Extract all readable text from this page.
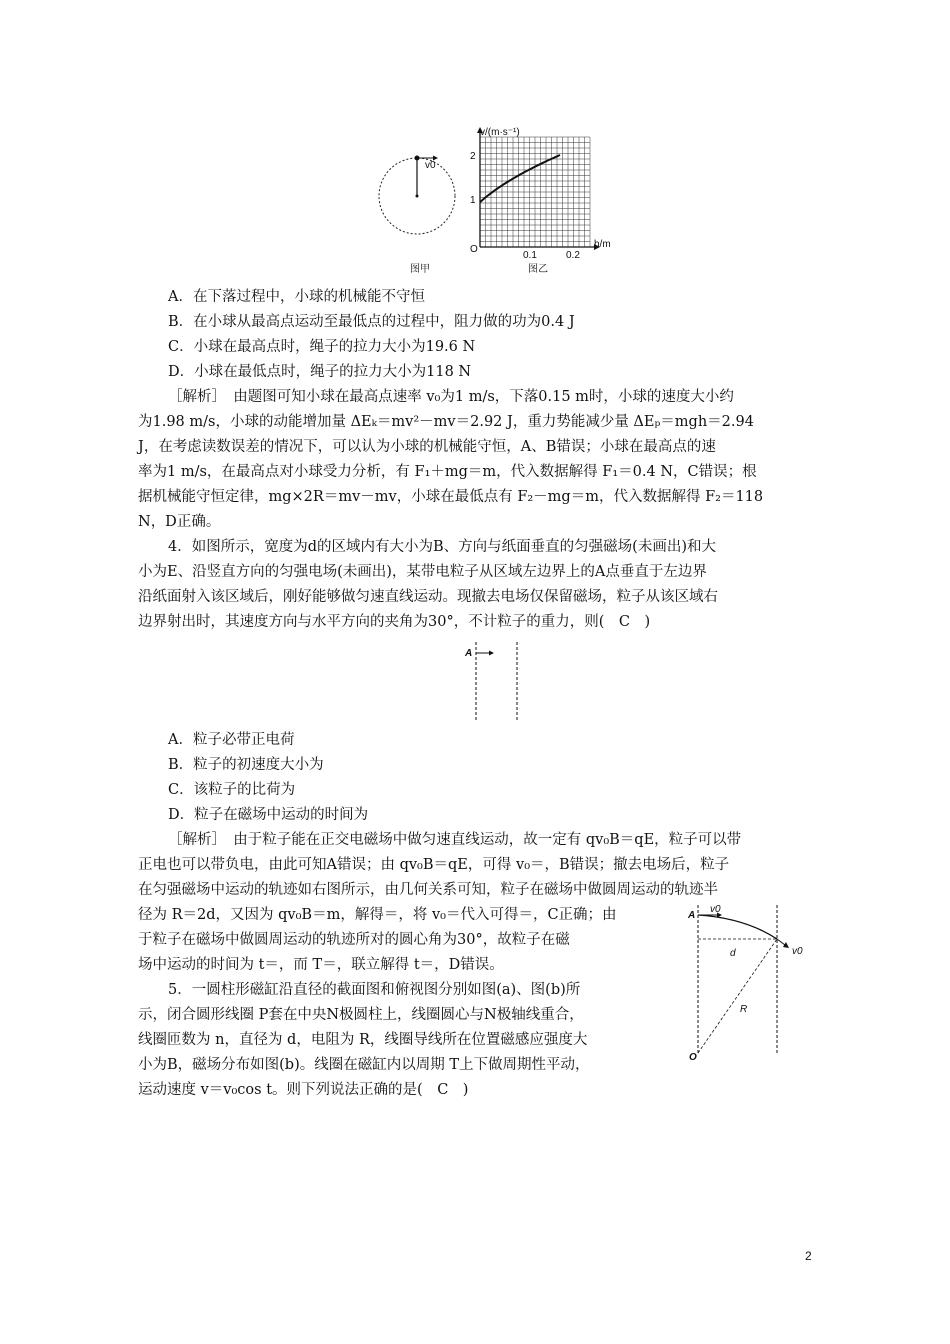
v0
图甲
v/(m·s⁻¹)
h/m
2
1
O
0.1	0.2
图乙
A．在下落过程中，小球的机械能不守恒
B．在小球从最高点运动至最低点的过程中，阻力做的功为0.4 J
C．小球在最高点时，绳子的拉力大小为19.6 N
D．小球在最低点时，绳子的拉力大小为118 N
［解析］　由题图可知小球在最高点速率 v₀为1 m/s，下落0.15 m时，小球的速度大小约
为1.98 m/s，小球的动能增加量 ΔEₖ＝mv²－mv＝2.92 J，重力势能减少量 ΔEₚ＝mgh＝2.94
J，在考虑读数误差的情况下，可以认为小球的机械能守恒，A、B错误；小球在最高点的速
率为1 m/s，在最高点对小球受力分析，有 F₁＋mg＝m，代入数据解得 F₁＝0.4 N，C错误；根
据机械能守恒定律，mg×2R＝mv－mv，小球在最低点有 F₂－mg＝m，代入数据解得 F₂＝118
N，D正确。
4．如图所示，宽度为d的区域内有大小为B、方向与纸面垂直的匀强磁场(未画出)和大
小为E、沿竖直方向的匀强电场(未画出)，某带电粒子从区域左边界上的A点垂直于左边界
沿纸面射入该区域后，刚好能够做匀速直线运动。现撤去电场仅保留磁场，粒子从该区域右
边界射出时，其速度方向与水平方向的夹角为30°，不计粒子的重力，则(　C　)
A
A．粒子必带正电荷
B．粒子的初速度大小为
C．该粒子的比荷为
D．粒子在磁场中运动的时间为
［解析］　由于粒子能在正交电磁场中做匀速直线运动，故一定有 qv₀B＝qE，粒子可以带
正电也可以带负电，由此可知A错误；由 qv₀B＝qE，可得 v₀＝，B错误；撤去电场后，粒子
在匀强磁场中运动的轨迹如右图所示，由几何关系可知，粒子在磁场中做圆周运动的轨迹半
径为 R＝2d，又因为 qv₀B＝m，解得＝，将 v₀＝代入可得＝，C正确；由
于粒子在磁场中做圆周运动的轨迹所对的圆心角为30°，故粒子在磁
场中运动的时间为 t＝，而 T＝，联立解得 t＝，D错误。
A
v0
v0
d
R
O
5．一圆柱形磁缸沿直径的截面图和俯视图分别如图(a)、图(b)所
示，闭合圆形线圈 P套在中央N极圆柱上，线圈圆心与N极轴线重合，
线圈匝数为 n，直径为 d，电阻为 R，线圈导线所在位置磁感应强度大
小为B，磁场分布如图(b)。线圈在磁缸内以周期 T上下做周期性平动，
运动速度 v＝v₀cos t。则下列说法正确的是(　C　)
2
